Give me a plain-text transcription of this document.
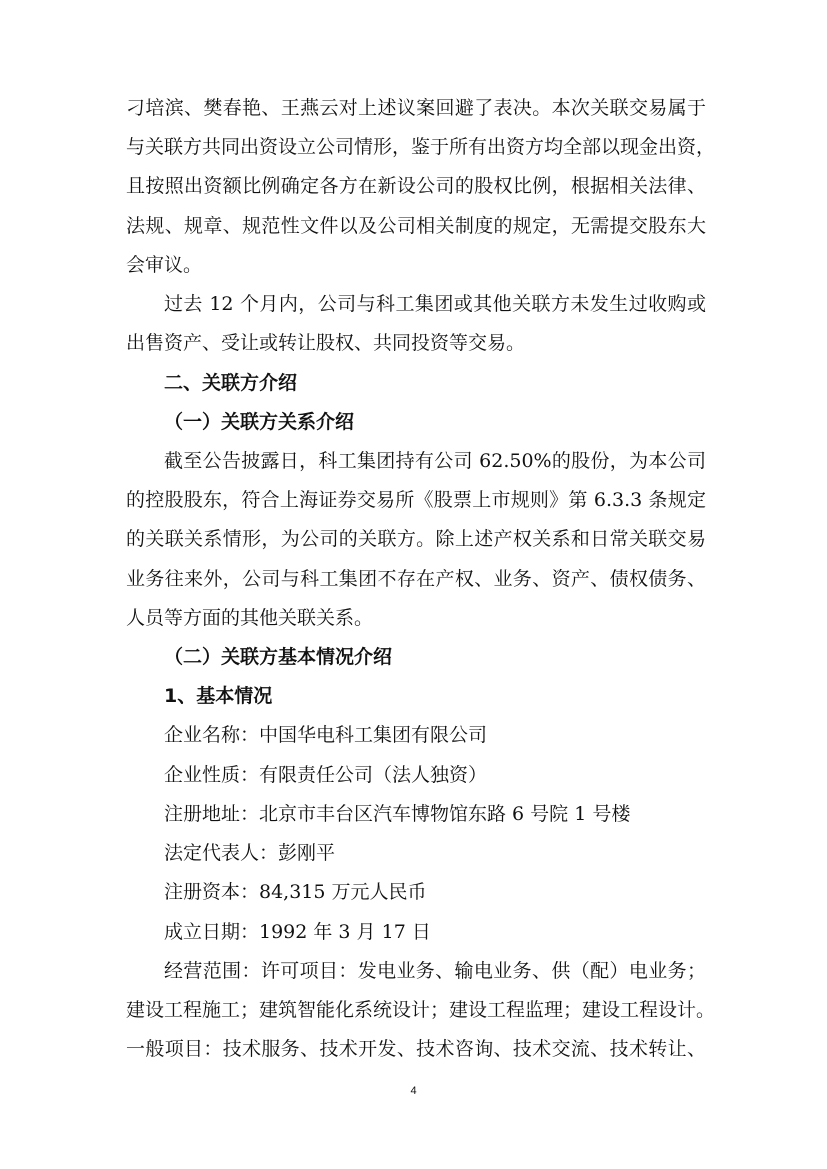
刁培滨、樊春艳、王燕云对上述议案回避了表决。本次关联交易属于
与关联方共同出资设立公司情形，鉴于所有出资方均全部以现金出资，
且按照出资额比例确定各方在新设公司的股权比例，根据相关法律、
法规、规章、规范性文件以及公司相关制度的规定，无需提交股东大
会审议。
过去 12 个月内，公司与科工集团或其他关联方未发生过收购或
出售资产、受让或转让股权、共同投资等交易。
二、关联方介绍
（一）关联方关系介绍
截至公告披露日，科工集团持有公司 62.50%的股份，为本公司
的控股股东，符合上海证券交易所《股票上市规则》第 6.3.3 条规定
的关联关系情形，为公司的关联方。除上述产权关系和日常关联交易
业务往来外，公司与科工集团不存在产权、业务、资产、债权债务、
人员等方面的其他关联关系。
（二）关联方基本情况介绍
1、基本情况
企业名称：中国华电科工集团有限公司
企业性质：有限责任公司（法人独资）
注册地址：北京市丰台区汽车博物馆东路 6 号院 1 号楼
法定代表人：彭刚平
注册资本：84,315 万元人民币
成立日期：1992 年 3 月 17 日
经营范围：许可项目：发电业务、输电业务、供（配）电业务；
建设工程施工；建筑智能化系统设计；建设工程监理；建设工程设计。
一般项目：技术服务、技术开发、技术咨询、技术交流、技术转让、
4
